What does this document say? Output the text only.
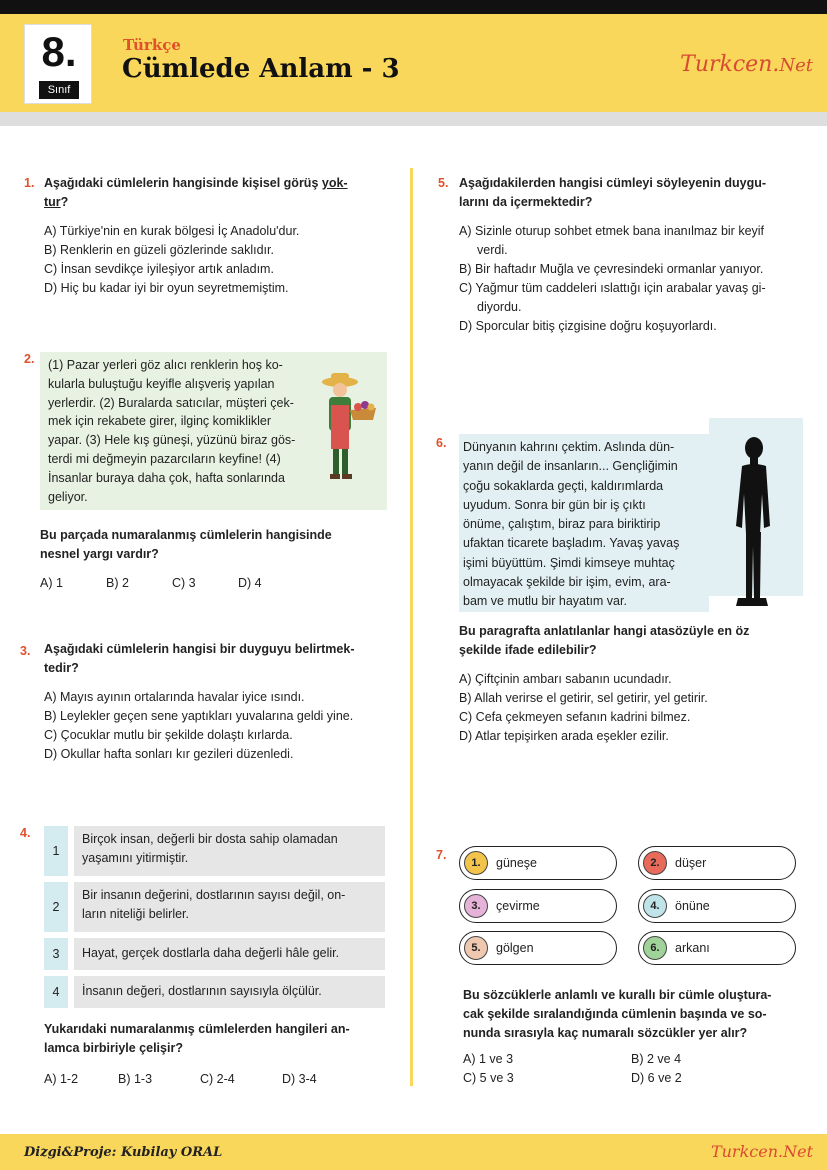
8.
Sınıf
Türkçe
Cümlede Anlam - 3	Turkcen.Net
1. Aşağıdaki cümlelerin hangisinde kişisel görüş yok-
tur?
A) Türkiye'nin en kurak bölgesi İç Anadolu'dur.
B) Renklerin en güzeli gözlerinde saklıdır.
C) İnsan sevdikçe iyileşiyor artık anladım.
D) Hiç bu kadar iyi bir oyun seyretmemiştim.
2. (1) Pazar yerleri göz alıcı renklerin hoş ko-
kularla buluştuğu keyifle alışveriş yapılan
yerlerdir. (2) Buralarda satıcılar, müşteri çek-
mek için rekabete girer, ilginç komiklikler
yapar. (3) Hele kış güneşi, yüzünü biraz gös-
terdi mi değmeyin pazarcıların keyfine! (4)
İnsanlar buraya daha çok, hafta sonlarında
geliyor.
Bu parçada numaralanmış cümlelerin hangisinde
nesnel yargı vardır?
A) 1	B) 2	C) 3	D) 4
3. Aşağıdaki cümlelerin hangisi bir duyguyu belirtmek-
tedir?
A) Mayıs ayının ortalarında havalar iyice ısındı.
B) Leylekler geçen sene yaptıkları yuvalarına geldi yine.
C) Çocuklar mutlu bir şekilde dolaştı kırlarda.
D) Okullar hafta sonları kır gezileri düzenledi.
4.
1
Birçok insan, değerli bir dosta sahip olamadan
yaşamını yitirmiştir.
2
Bir insanın değerini, dostlarının sayısı değil, on-
ların niteliği belirler.
3	Hayat, gerçek dostlarla daha değerli hâle gelir.
4	İnsanın değeri, dostlarının sayısıyla ölçülür.
Yukarıdaki numaralanmış cümlelerden hangileri an-
lamca birbiriyle çelişir?
A) 1-2	B) 1-3	C) 2-4	D) 3-4
5. Aşağıdakilerden hangisi cümleyi söyleyenin duygu-
larını da içermektedir?
A) Sizinle oturup sohbet etmek bana inanılmaz bir keyif
verdi.
B) Bir haftadır Muğla ve çevresindeki ormanlar yanıyor.
C) Yağmur tüm caddeleri ıslattığı için arabalar yavaş gi-
diyordu.
D) Sporcular bitiş çizgisine doğru koşuyorlardı.
6. Dünyanın kahrını çektim. Aslında dün-
yanın değil de insanların... Gençliğimin
çoğu sokaklarda geçti, kaldırımlarda
uyudum. Sonra bir gün bir iş çıktı
önüme, çalıştım, biraz para biriktirip
ufaktan ticarete başladım. Yavaş yavaş
işimi büyüttüm. Şimdi kimseye muhtaç
olmayacak şekilde bir işim, evim, ara-
bam ve mutlu bir hayatım var.
Bu paragrafta anlatılanlar hangi atasözüyle en öz
şekilde ifade edilebilir?
A) Çiftçinin ambarı sabanın ucundadır.
B) Allah verirse el getirir, sel getirir, yel getirir.
C) Cefa çekmeyen sefanın kadrini bilmez.
D) Atlar tepişirken arada eşekler ezilir.
7.
1.	güneşe	2.	düşer
3.	çevirme	4.	önüne
5.	gölgen	6.	arkanı
Bu sözcüklerle anlamlı ve kurallı bir cümle oluştura-
cak şekilde sıralandığında cümlenin başında ve so-
nunda sırasıyla kaç numaralı sözcükler yer alır?
A) 1 ve 3	B) 2 ve 4
C) 5 ve 3	D) 6 ve 2
Dizgi&Proje: Kubilay ORAL	Turkcen.Net
